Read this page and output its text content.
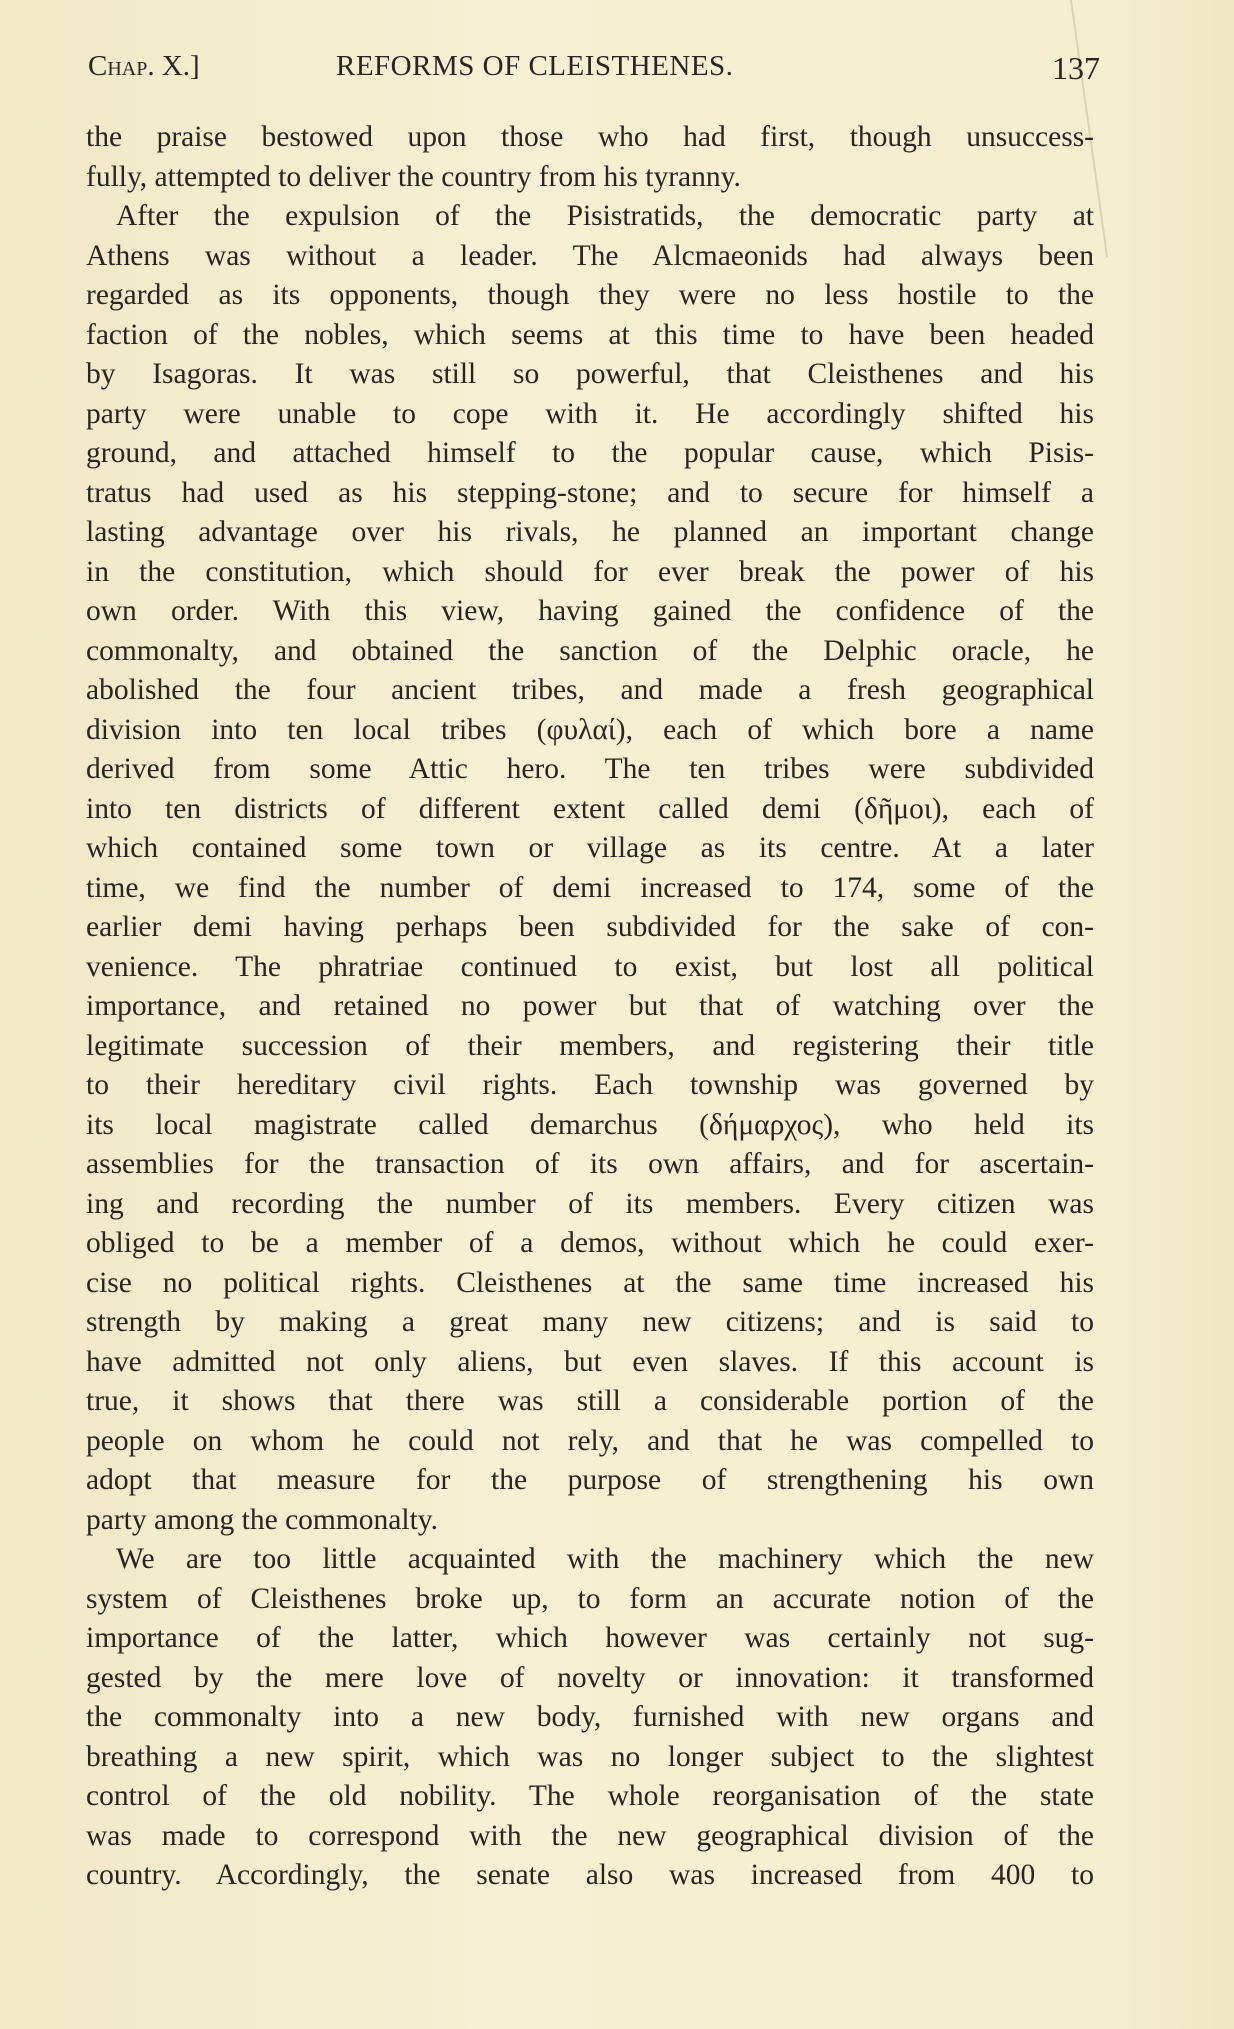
Chap. X.]	REFORMS OF CLEISTHENES.	137
the praise bestowed upon those who had first, though unsuccess-
fully, attempted to deliver the country from his tyranny.
After the expulsion of the Pisistratids, the democratic party at
Athens was without a leader. The Alcmaeonids had always been
regarded as its opponents, though they were no less hostile to the
faction of the nobles, which seems at this time to have been headed
by Isagoras. It was still so powerful, that Cleisthenes and his
party were unable to cope with it. He accordingly shifted his
ground, and attached himself to the popular cause, which Pisis-
tratus had used as his stepping-stone; and to secure for himself a
lasting advantage over his rivals, he planned an important change
in the constitution, which should for ever break the power of his
own order. With this view, having gained the confidence of the
commonalty, and obtained the sanction of the Delphic oracle, he
abolished the four ancient tribes, and made a fresh geographical
division into ten local tribes (φυλαί), each of which bore a name
derived from some Attic hero. The ten tribes were subdivided
into ten districts of different extent called demi (δῆμοι), each of
which contained some town or village as its centre. At a later
time, we find the number of demi increased to 174, some of the
earlier demi having perhaps been subdivided for the sake of con-
venience. The phratriae continued to exist, but lost all political
importance, and retained no power but that of watching over the
legitimate succession of their members, and registering their title
to their hereditary civil rights. Each township was governed by
its local magistrate called demarchus (δήμαρχος), who held its
assemblies for the transaction of its own affairs, and for ascertain-
ing and recording the number of its members. Every citizen was
obliged to be a member of a demos, without which he could exer-
cise no political rights. Cleisthenes at the same time increased his
strength by making a great many new citizens; and is said to
have admitted not only aliens, but even slaves. If this account is
true, it shows that there was still a considerable portion of the
people on whom he could not rely, and that he was compelled to
adopt that measure for the purpose of strengthening his own
party among the commonalty.
We are too little acquainted with the machinery which the new
system of Cleisthenes broke up, to form an accurate notion of the
importance of the latter, which however was certainly not sug-
gested by the mere love of novelty or innovation: it transformed
the commonalty into a new body, furnished with new organs and
breathing a new spirit, which was no longer subject to the slightest
control of the old nobility. The whole reorganisation of the state
was made to correspond with the new geographical division of the
country. Accordingly, the senate also was increased from 400 to
